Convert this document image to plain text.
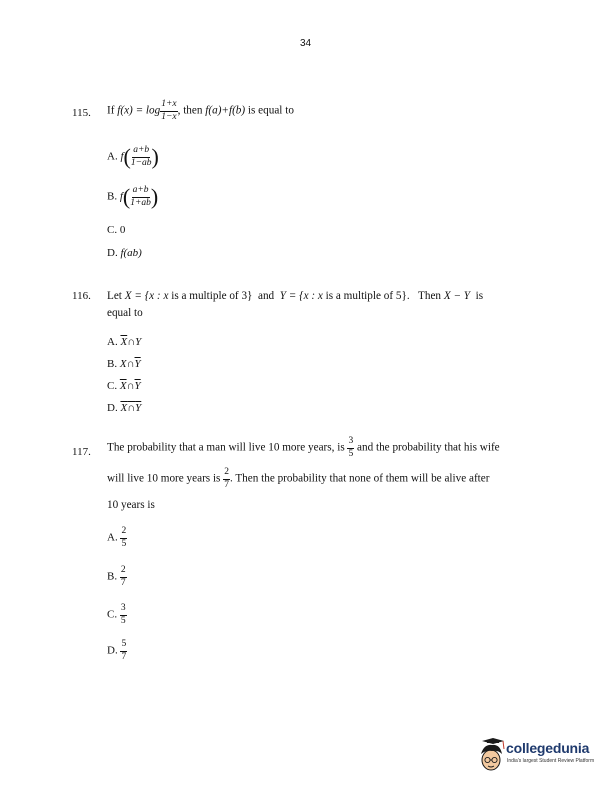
34
115. If $f(x) = \log \frac{1+x}{1-x}$ , then f(a)+f(b) is equal to
A. $f( \frac{a+b}{1-ab}$ )
B. $f( \frac{a+b}{1+ab}$ )
C. 0
D. f(ab)
116. Let X = {x : x is a multiple of 3} and Y = {x : x is a multiple of 5}. Then X − Y is
equal to
A. $\overline{X}\cap Y$
B. $X\cap\overline{Y}$
C. $\overline{X}\cap\overline{Y}$
D. X∩Y
117. The probability that a man will live 10 more years, is $\frac{3}{5}$ and the probability that his wife
will live 10 more years is $\frac{2}{7}$ . Then the probability that none of them will be alive after
10 years is
A. $\frac{2}{5}$
B. $\frac{2}{7}$
C. $\frac{3}{5}$
D. $\frac{5}{7}$
collegedunia
India's largest Student Review Platform
